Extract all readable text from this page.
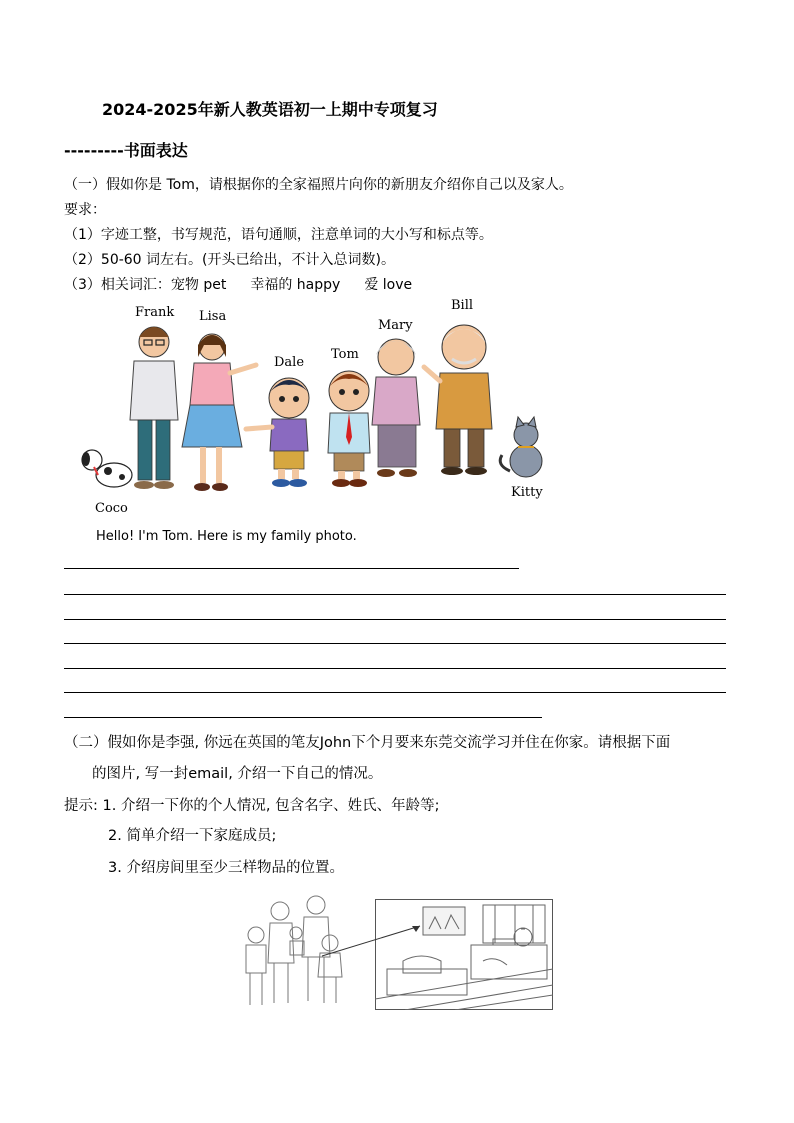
2024-2025年新人教英语初一上期中专项复习
---------书面表达
（一）假如你是 Tom，请根据你的全家福照片向你的新朋友介绍你自己以及家人。
要求：
（1）字迹工整，书写规范，语句通顺，注意单词的大小写和标点等。
（2）50-60 词左右。(开头已给出，不计入总词数)。
（3）相关词汇：宠物 pet 幸福的 happy 爱 love
Frank Lisa
Dale
Tom
Mary
Bill
Coco
Kitty
Hello! I'm Tom. Here is my family photo.
（二）假如你是李强, 你远在英国的笔友John下个月要来东莞交流学习并住在你家。请根据下面
的图片, 写一封email, 介绍一下自己的情况。
提示: 1. 介绍一下你的个人情况, 包含名字、姓氏、年龄等;
2. 简单介绍一下家庭成员;
3. 介绍房间里至少三样物品的位置。
